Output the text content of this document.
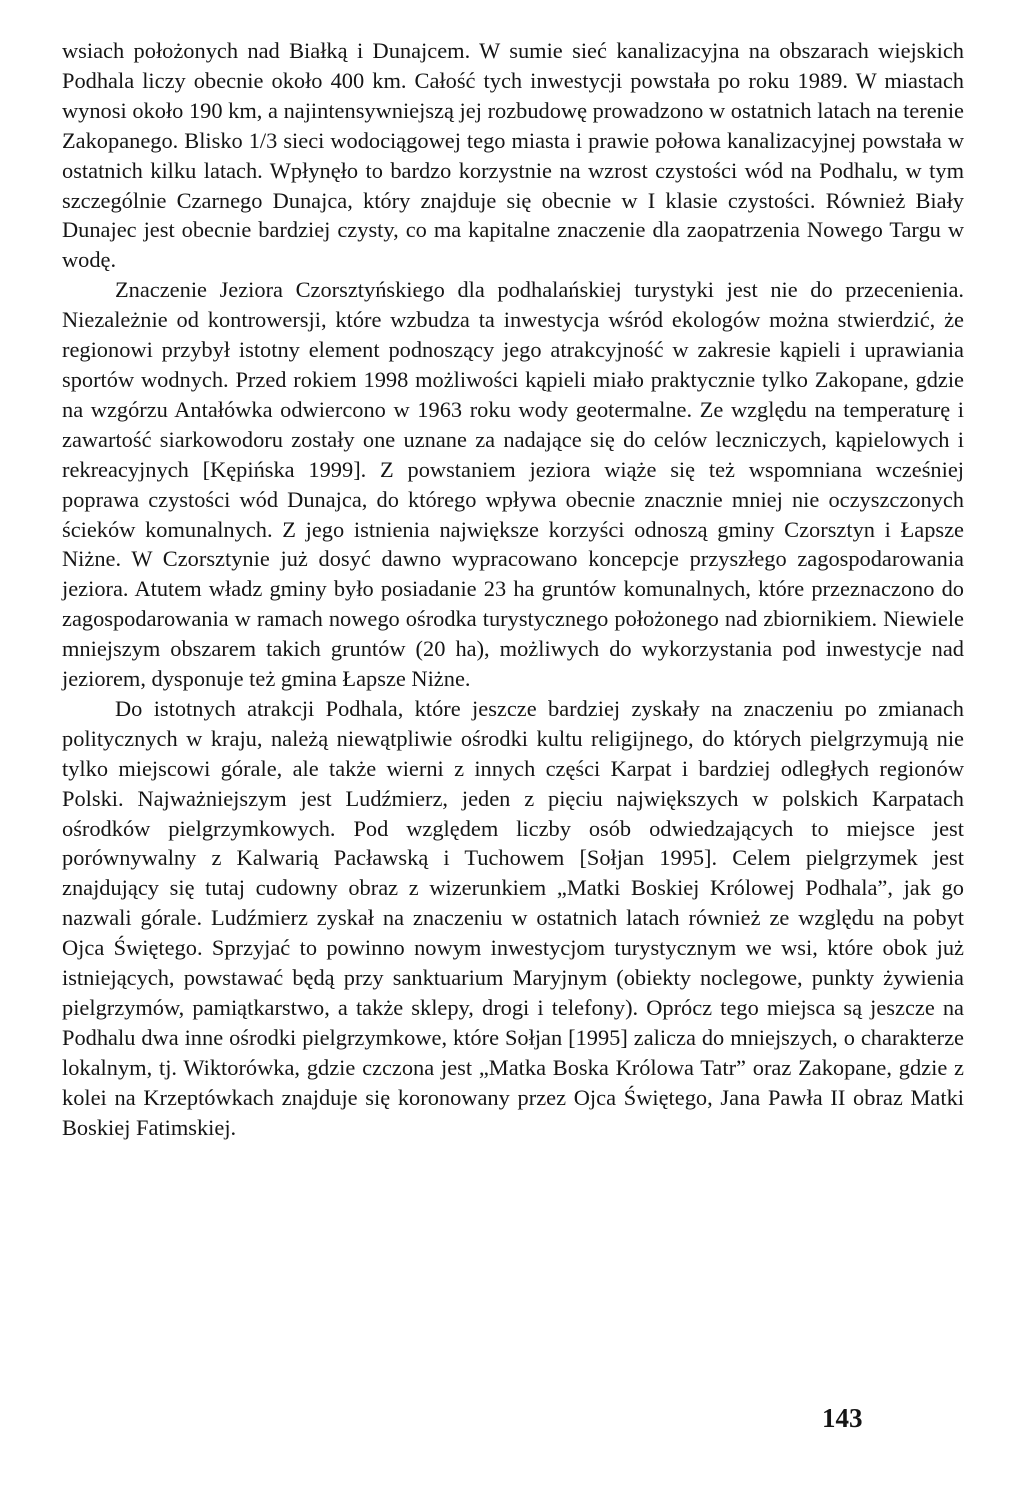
wsiach położonych nad Białką i Dunajcem. W sumie sieć kanalizacyjna na obszarach wiejskich Podhala liczy obecnie około 400 km. Całość tych inwestycji powstała po roku 1989. W miastach wynosi około 190 km, a najintensywniejszą jej rozbudowę prowadzono w ostatnich latach na terenie Zakopanego. Blisko 1/3 sieci wodociągowej tego miasta i prawie połowa kanalizacyjnej powstała w ostatnich kilku latach. Wpłynęło to bardzo korzystnie na wzrost czystości wód na Podhalu, w tym szczególnie Czarnego Dunajca, który znajduje się obecnie w I klasie czystości. Również Biały Dunajec jest obecnie bardziej czysty, co ma kapitalne znaczenie dla zaopatrzenia Nowego Targu w wodę.

Znaczenie Jeziora Czorsztyńskiego dla podhalańskiej turystyki jest nie do przecenienia. Niezależnie od kontrowersji, które wzbudza ta inwestycja wśród ekologów można stwierdzić, że regionowi przybył istotny element podnoszący jego atrakcyjność w zakresie kąpieli i uprawiania sportów wodnych. Przed rokiem 1998 możliwości kąpieli miało praktycznie tylko Zakopane, gdzie na wzgórzu Antałówka odwiercono w 1963 roku wody geotermalne. Ze względu na temperaturę i zawartość siarkowodoru zostały one uznane za nadające się do celów leczniczych, kąpielowych i rekreacyjnych [Kępińska 1999]. Z powstaniem jeziora wiąże się też wspomniana wcześniej poprawa czystości wód Dunajca, do którego wpływa obecnie znacznie mniej nie oczyszczonych ścieków komunalnych. Z jego istnienia największe korzyści odnoszą gminy Czorsztyn i Łapsze Niżne. W Czorsztynie już dosyć dawno wypracowano koncepcje przyszłego zagospodarowania jeziora. Atutem władz gminy było posiadanie 23 ha gruntów komunalnych, które przeznaczono do zagospodarowania w ramach nowego ośrodka turystycznego położonego nad zbiornikiem. Niewiele mniejszym obszarem takich gruntów (20 ha), możliwych do wykorzystania pod inwestycje nad jeziorem, dysponuje też gmina Łapsze Niżne.

Do istotnych atrakcji Podhala, które jeszcze bardziej zyskały na znaczeniu po zmianach politycznych w kraju, należą niewątpliwie ośrodki kultu religijnego, do których pielgrzymują nie tylko miejscowi górale, ale także wierni z innych części Karpat i bardziej odległych regionów Polski. Najważniejszym jest Ludźmierz, jeden z pięciu największych w polskich Karpatach ośrodków pielgrzymkowych. Pod względem liczby osób odwiedzających to miejsce jest porównywalny z Kalwarią Pacławską i Tuchowem [Sołjan 1995]. Celem pielgrzymek jest znajdujący się tutaj cudowny obraz z wizerunkiem „Matki Boskiej Królowej Podhala”, jak go nazwali górale. Ludźmierz zyskał na znaczeniu w ostatnich latach również ze względu na pobyt Ojca Świętego. Sprzyjać to powinno nowym inwestycjom turystycznym we wsi, które obok już istniejących, powstawać będą przy sanktuarium Maryjnym (obiekty noclegowe, punkty żywienia pielgrzymów, pamiątkarstwo, a także sklepy, drogi i telefony). Oprócz tego miejsca są jeszcze na Podhalu dwa inne ośrodki pielgrzymkowe, które Sołjan [1995] zalicza do mniejszych, o charakterze lokalnym, tj. Wiktorówka, gdzie czczona jest „Matka Boska Królowa Tatr” oraz Zakopane, gdzie z kolei na Krzeptówkach znajduje się koronowany przez Ojca Świętego, Jana Pawła II obraz Matki Boskiej Fatimskiej.

143
